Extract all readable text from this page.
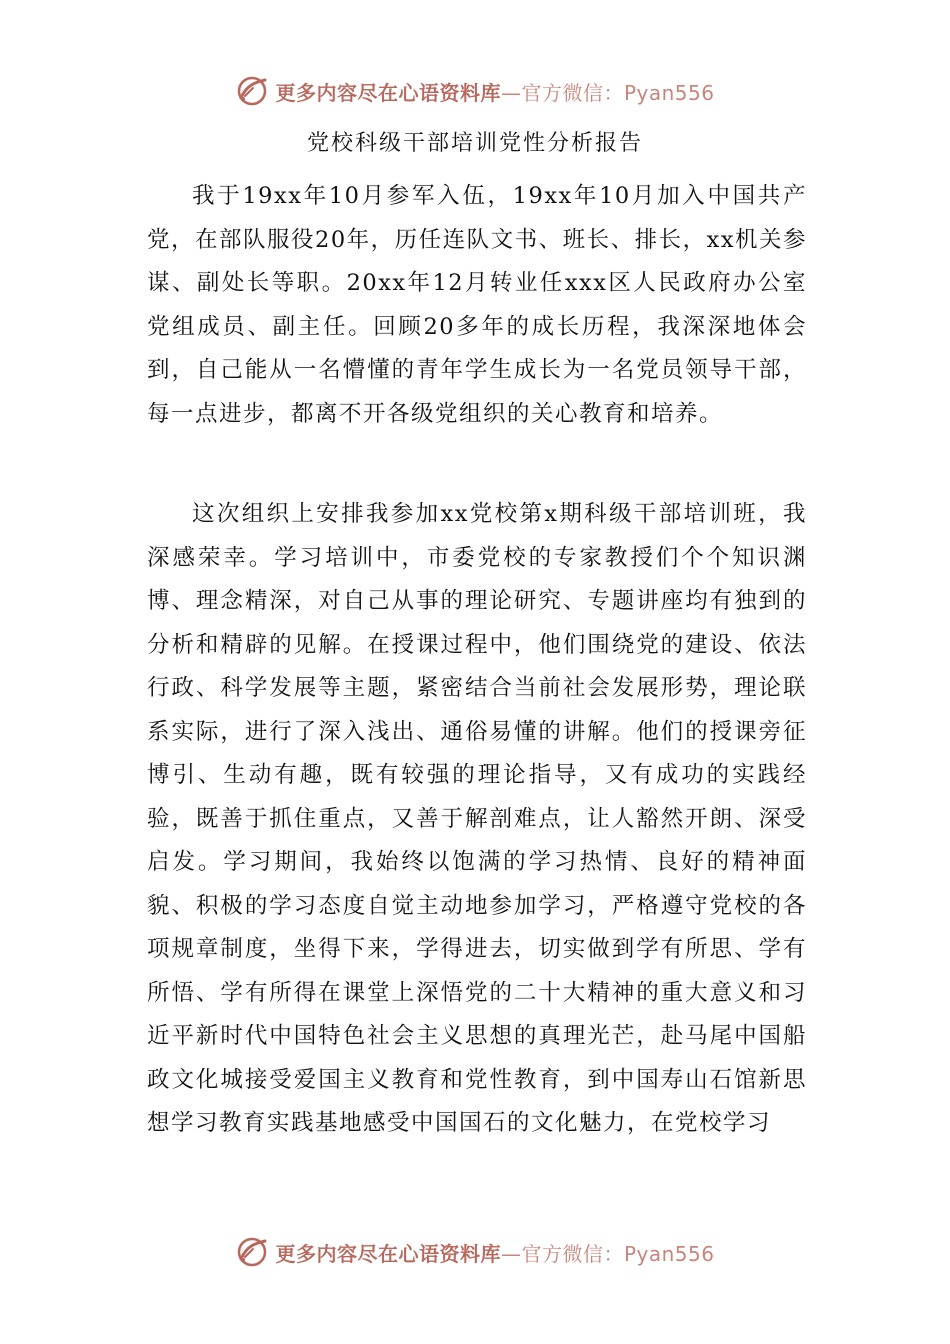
更多内容尽在心语资料库—官方微信：Pyan556
党校科级干部培训党性分析报告

我于19xx年10月参军入伍，19xx年10月加入中国共产党，在部队服役20年，历任连队文书、班长、排长，xx机关参谋、副处长等职。20xx年12月转业任xxx区人民政府办公室党组成员、副主任。回顾20多年的成长历程，我深深地体会到，自己能从一名懵懂的青年学生成长为一名党员领导干部，每一点进步，都离不开各级党组织的关心教育和培养。

这次组织上安排我参加xx党校第x期科级干部培训班，我深感荣幸。学习培训中，市委党校的专家教授们个个知识渊博、理念精深，对自己从事的理论研究、专题讲座均有独到的分析和精辟的见解。在授课过程中，他们围绕党的建设、依法行政、科学发展等主题，紧密结合当前社会发展形势，理论联系实际，进行了深入浅出、通俗易懂的讲解。他们的授课旁征博引、生动有趣，既有较强的理论指导，又有成功的实践经验，既善于抓住重点，又善于解剖难点，让人豁然开朗、深受启发。学习期间，我始终以饱满的学习热情、良好的精神面貌、积极的学习态度自觉主动地参加学习，严格遵守党校的各项规章制度，坐得下来，学得进去，切实做到学有所思、学有所悟、学有所得在课堂上深悟党的二十大精神的重大意义和习近平新时代中国特色社会主义思想的真理光芒，赴马尾中国船政文化城接受爱国主义教育和党性教育，到中国寿山石馆新思想学习教育实践基地感受中国国石的文化魅力，在党校学习

更多内容尽在心语资料库—官方微信：Pyan556
